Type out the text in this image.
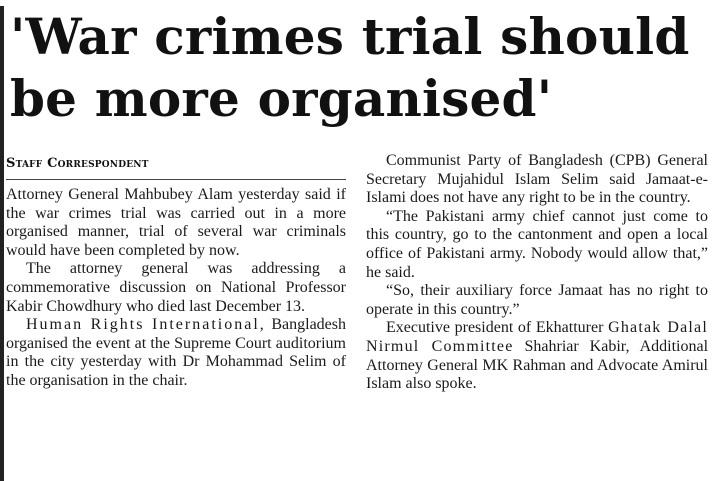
'War crimes trial should
be more organised'
Staff Correspondent

Attorney General Mahbubey Alam yesterday said if the war crimes trial was carried out in a more organised manner, trial of several war criminals would have been completed by now.

The attorney general was addressing a commemorative discussion on National Professor Kabir Chowdhury who died last December 13.

Human Rights International, Bangladesh organised the event at the Supreme Court auditorium in the city yesterday with Dr Mohammad Selim of the organisation in the chair.

Communist Party of Bangladesh (CPB) General Secretary Mujahidul Islam Selim said Jamaat-e-Islami does not have any right to be in the country.

“The Pakistani army chief cannot just come to this country, go to the cantonment and open a local office of Pakistani army. Nobody would allow that,” he said.

“So, their auxiliary force Jamaat has no right to operate in this country.”

Executive president of Ekhatturer Ghatak Dalal Nirmul Committee Shahriar Kabir, Additional Attorney General MK Rahman and Advocate Amirul Islam also spoke.
